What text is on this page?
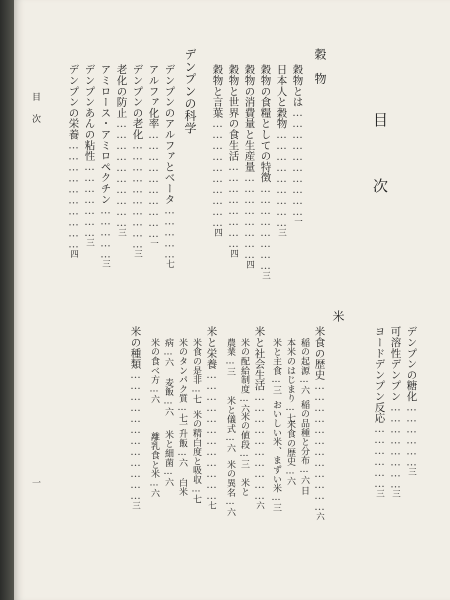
目
次
目　次
一
穀　物
穀物とは…………………………一
日本人と穀物………………………三
穀物の食糧としての特徴……………………三
穀物の消費量と生産量……………………四
穀物と世界の食生活……………………四
穀物と言葉…………………………四
デンプンの科学
デンプンのアルファとベータ……………七
アルファ化率…………………………一
デンプンの老化…………………………三
老化の防止…………………………三
アミロース・アミロペクチン……………三
デンプンあんの粘性…………………三
デンプンの栄養…………………………四
デンプンの糖化………………三
可溶性デンプン……………………三
ヨードデンプン反応………………三
米
米食の歴史………………………………六
稲の起源…六
稲の品種と分布…六
日
本米のはじまり…七
米食の歴史…六
米と主食…三
おいしい米、まずい米…三
米と社会生活…………………………六
米の配給制度…六
米の値段…三
米と
農業…三
米と儀式…六
米の異名…六
米と栄養………………………………七
米食の是非…七
米の精白度と吸収…七
米のタンパク質…七
一升飯…六
白米
病…六
麦飯…六
米と細菌…六
米の食べ方…六
離乳食と米…六
米の種類………………………………三
